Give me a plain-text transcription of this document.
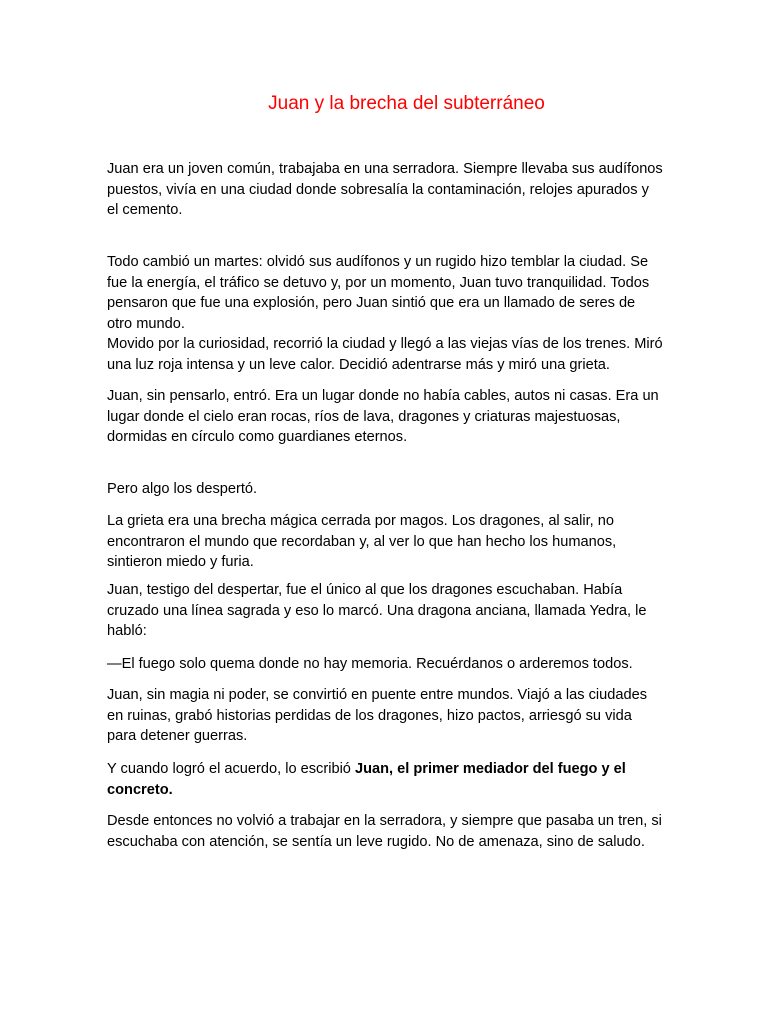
Juan y la brecha del subterráneo

Juan era un joven común, trabajaba en una serradora. Siempre llevaba sus audífonos puestos, vivía en una ciudad donde sobresalía la contaminación, relojes apurados y el cemento.

Todo cambió un martes: olvidó sus audífonos y un rugido hizo temblar la ciudad. Se fue la energía, el tráfico se detuvo y, por un momento, Juan tuvo tranquilidad. Todos pensaron que fue una explosión, pero Juan sintió que era un llamado de seres de otro mundo.

Movido por la curiosidad, recorrió la ciudad y llegó a las viejas vías de los trenes. Miró una luz roja intensa y un leve calor. Decidió adentrarse más y miró una grieta.

Juan, sin pensarlo, entró. Era un lugar donde no había cables, autos ni casas. Era un lugar donde el cielo eran rocas, ríos de lava, dragones y criaturas majestuosas, dormidas en círculo como guardianes eternos.

Pero algo los despertó.

La grieta era una brecha mágica cerrada por magos. Los dragones, al salir, no encontraron el mundo que recordaban y, al ver lo que han hecho los humanos, sintieron miedo y furia.

Juan, testigo del despertar, fue el único al que los dragones escuchaban. Había cruzado una línea sagrada y eso lo marcó. Una dragona anciana, llamada Yedra, le habló:

—El fuego solo quema donde no hay memoria. Recuérdanos o arderemos todos.

Juan, sin magia ni poder, se convirtió en puente entre mundos. Viajó a las ciudades en ruinas, grabó historias perdidas de los dragones, hizo pactos, arriesgó su vida para detener guerras.

Y cuando logró el acuerdo, lo escribió Juan, el primer mediador del fuego y el concreto.

Desde entonces no volvió a trabajar en la serradora, y siempre que pasaba un tren, si escuchaba con atención, se sentía un leve rugido. No de amenaza, sino de saludo.
